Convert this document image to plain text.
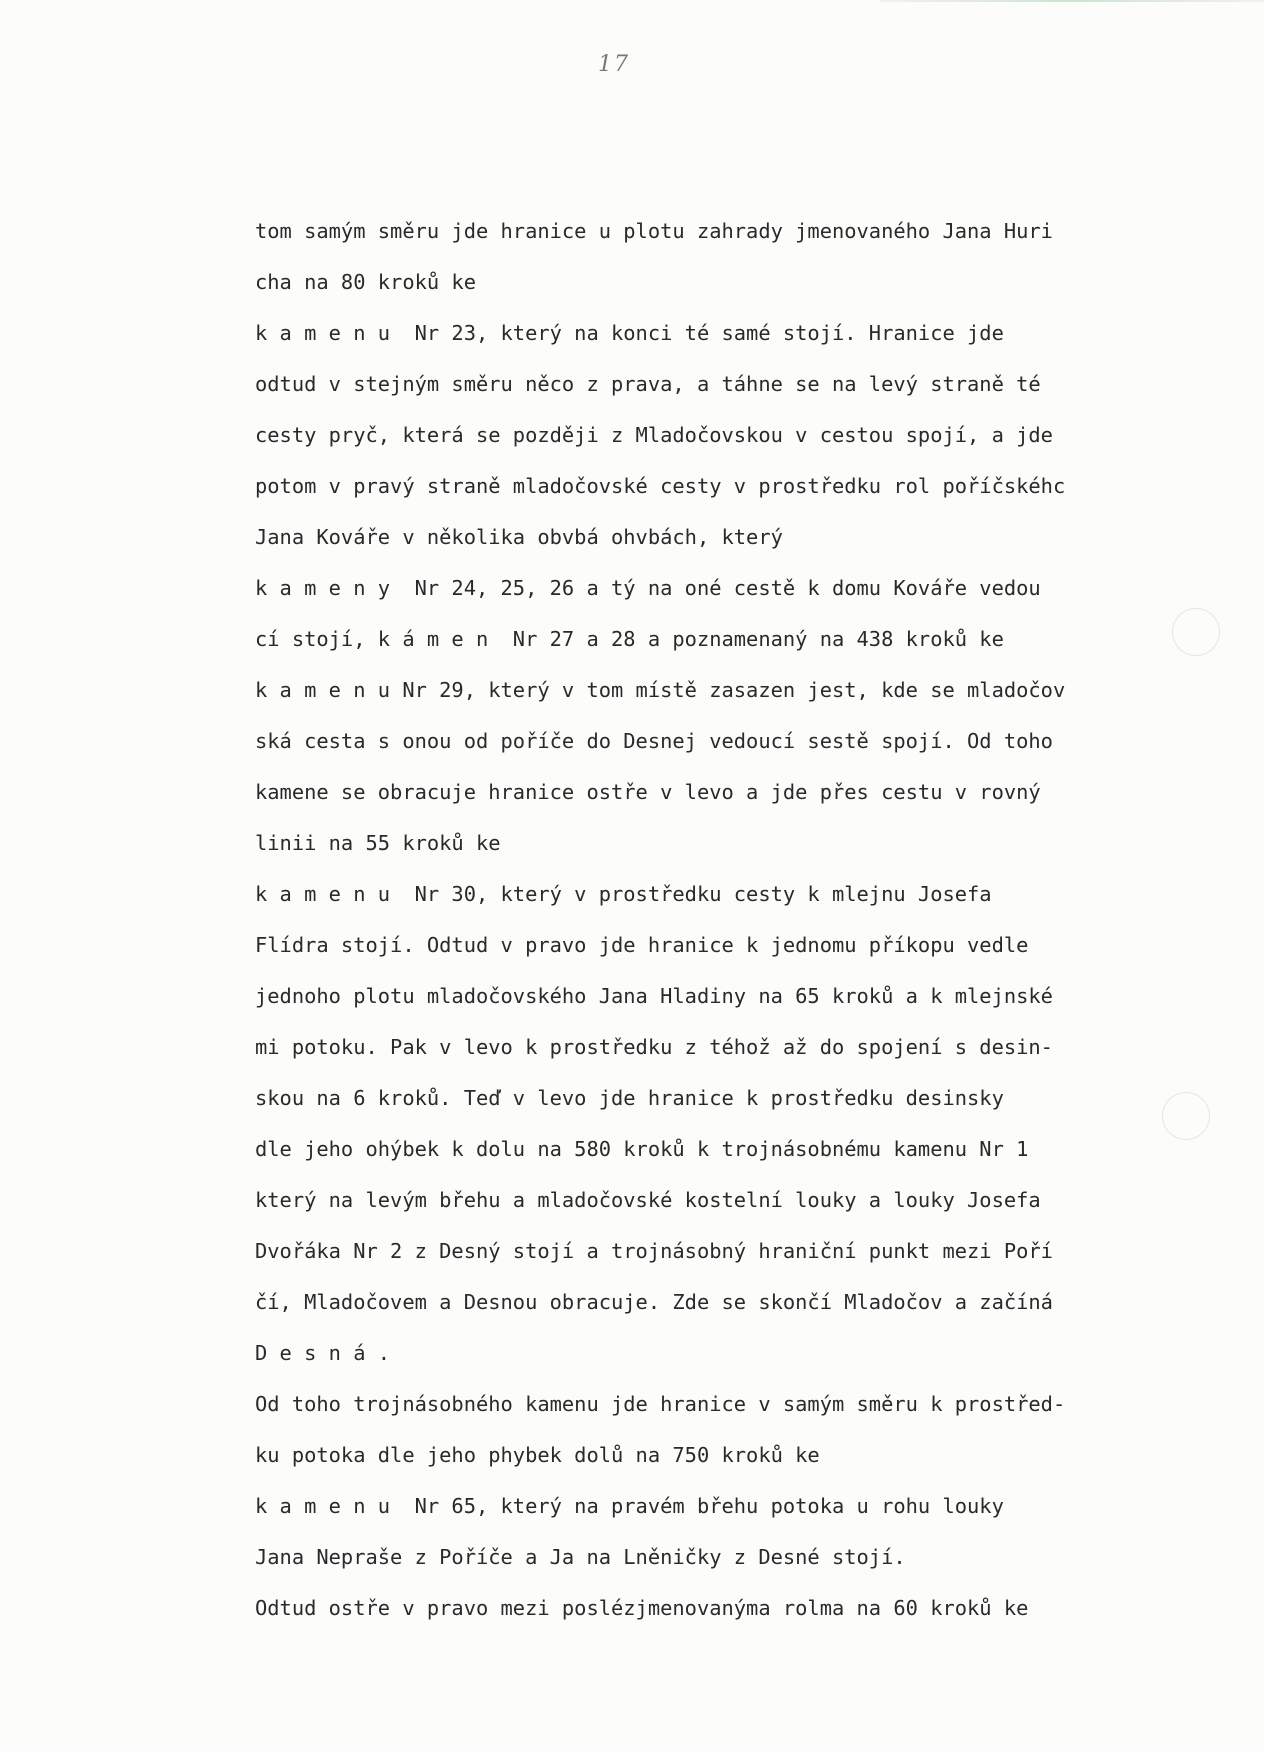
17
tom samým směru jde hranice u plotu zahrady jmenovaného Jana Huri
cha na 80 kroků ke
k a m e n u  Nr 23, který na konci té samé stojí. Hranice jde
odtud v stejným směru něco z prava, a táhne se na levý straně té
cesty pryč, která se později z Mladočovskou v cestou spojí, a jde
potom v pravý straně mladočovské cesty v prostředku rol poříčskéhc
Jana Kováře v několika obvbá ohvbách, který
k a m e n y  Nr 24, 25, 26 a tý na oné cestě k domu Kováře vedou
cí stojí, k á m e n  Nr 27 a 28 a poznamenaný na 438 kroků ke
k a m e n u Nr 29, který v tom místě zasazen jest, kde se mladočov
ská cesta s onou od poříče do Desnej vedoucí sestě spojí. Od toho
kamene se obracuje hranice ostře v levo a jde přes cestu v rovný
linii na 55 kroků ke
k a m e n u  Nr 30, který v prostředku cesty k mlejnu Josefa
Flídra stojí. Odtud v pravo jde hranice k jednomu příkopu vedle
jednoho plotu mladočovského Jana Hladiny na 65 kroků a k mlejnské
mi potoku. Pak v levo k prostředku z téhož až do spojení s desin-
skou na 6 kroků. Teď v levo jde hranice k prostředku desinsky
dle jeho ohýbek k dolu na 580 kroků k trojnásobnému kamenu Nr 1
který na levým břehu a mladočovské kostelní louky a louky Josefa
Dvořáka Nr 2 z Desný stojí a trojnásobný hraniční punkt mezi Poří
čí, Mladočovem a Desnou obracuje. Zde se skončí Mladočov a začíná
D e s n á .
Od toho trojnásobného kamenu jde hranice v samým směru k prostřed-
ku potoka dle jeho phybek dolů na 750 kroků ke
k a m e n u  Nr 65, který na pravém břehu potoka u rohu louky
Jana Nepraše z Poříče a Ja na Lněničky z Desné stojí.
Odtud ostře v pravo mezi poslézjmenovanýma rolma na 60 kroků ke
